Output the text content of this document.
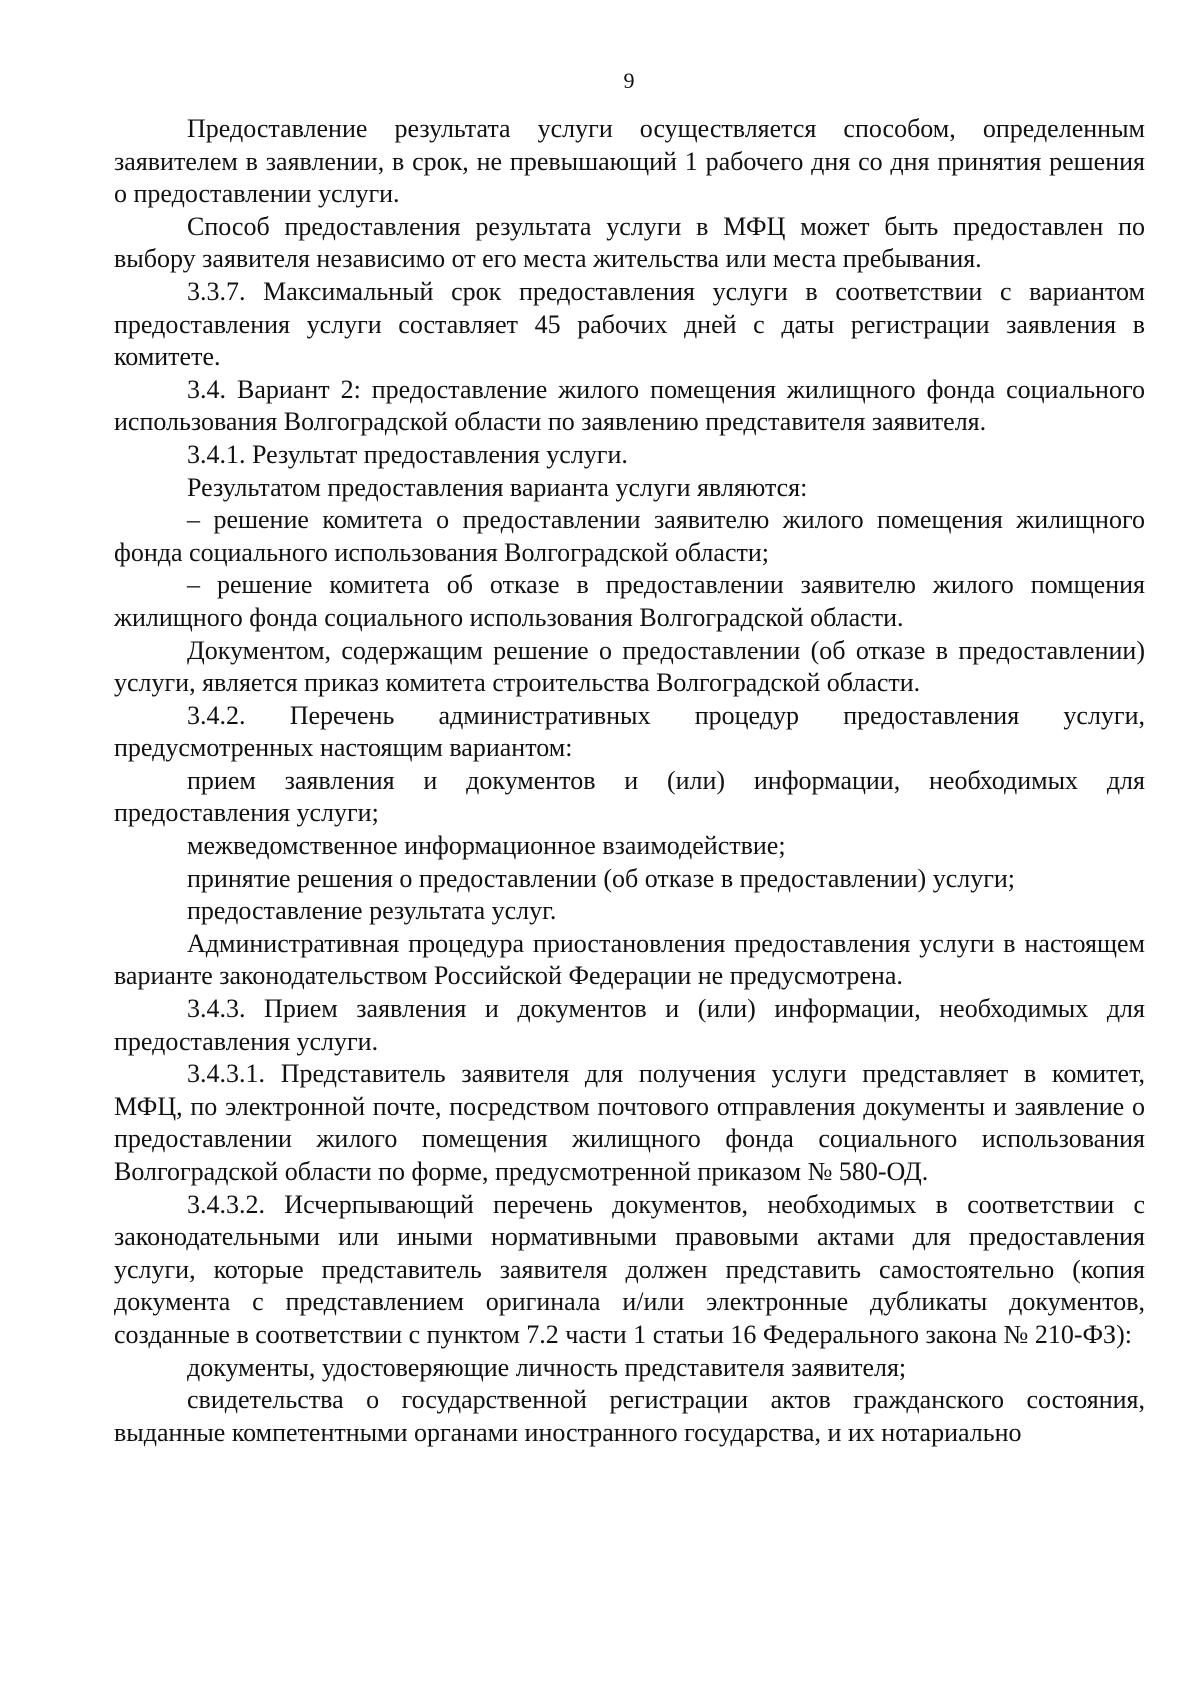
9

Предоставление результата услуги осуществляется способом, определенным заявителем в заявлении, в срок, не превышающий 1 рабочего дня со дня принятия решения о предоставлении услуги.

Способ предоставления результата услуги в МФЦ может быть предоставлен по выбору заявителя независимо от его места жительства или места пребывания.

3.3.7. Максимальный срок предоставления услуги в соответствии с вариантом предоставления услуги составляет 45 рабочих дней с даты регистрации заявления в комитете.

3.4. Вариант 2: предоставление жилого помещения жилищного фонда социального использования Волгоградской области по заявлению представителя заявителя.

3.4.1. Результат предоставления услуги.

Результатом предоставления варианта услуги являются:

– решение комитета о предоставлении заявителю жилого помещения жилищного фонда социального использования Волгоградской области;

– решение комитета об отказе в предоставлении заявителю жилого помщения жилищного фонда социального использования Волгоградской области.

Документом, содержащим решение о предоставлении (об отказе в предоставлении) услуги, является приказ комитета строительства Волгоградской области.

3.4.2. Перечень административных процедур предоставления услуги, предусмотренных настоящим вариантом:

прием заявления и документов и (или) информации, необходимых для предоставления услуги;

межведомственное информационное взаимодействие;

принятие решения о предоставлении (об отказе в предоставлении) услуги;

предоставление результата услуг.

Административная процедура приостановления предоставления услуги в настоящем варианте законодательством Российской Федерации не предусмотрена.

3.4.3. Прием заявления и документов и (или) информации, необходимых для предоставления услуги.

3.4.3.1. Представитель заявителя для получения услуги представляет в комитет, МФЦ, по электронной почте, посредством почтового отправления документы и заявление о предоставлении жилого помещения жилищного фонда социального использования Волгоградской области по форме, предусмотренной приказом № 580-ОД.

3.4.3.2. Исчерпывающий перечень документов, необходимых в соответствии с законодательными или иными нормативными правовыми актами для предоставления услуги, которые представитель заявителя должен представить самостоятельно (копия документа с представлением оригинала и/или электронные дубликаты документов, созданные в соответствии с пунктом 7.2 части 1 статьи 16 Федерального закона № 210-ФЗ):

документы, удостоверяющие личность представителя заявителя;

свидетельства о государственной регистрации актов гражданского состояния, выданные компетентными органами иностранного государства, и их нотариально
